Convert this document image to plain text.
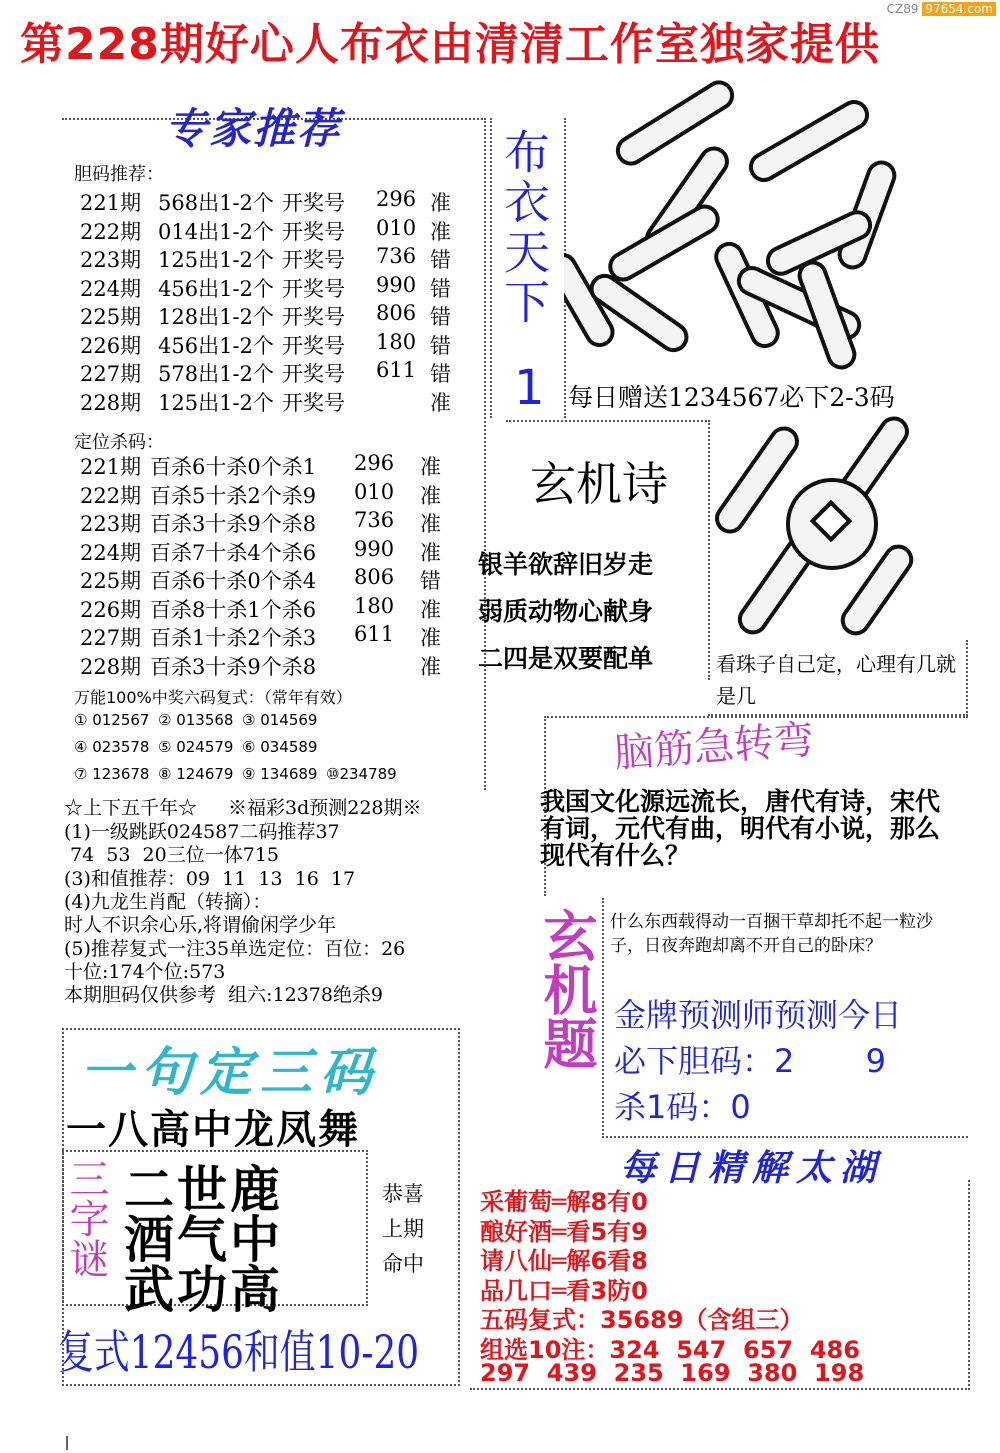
第228期好心人布衣由清清工作室独家提供
CZ89 97654.com
专家推荐
胆码推荐：
221期 568出1-2个 开奖号 296 准
222期 014出1-2个 开奖号 010 准
223期 125出1-2个 开奖号 736 错
224期 456出1-2个 开奖号 990 错
225期 128出1-2个 开奖号 806 错
226期 456出1-2个 开奖号 180 错
227期 578出1-2个 开奖号 611 错
228期 125出1-2个 开奖号	准
定位杀码：
221期 百杀6十杀0个杀1 296 准
222期 百杀5十杀2个杀9 010 准
223期 百杀3十杀9个杀8 736 准
224期 百杀7十杀4个杀6 990 准
225期 百杀6十杀0个杀4 806 错
226期 百杀8十杀1个杀6 180 准
227期 百杀1十杀2个杀3 611 准
228期 百杀3十杀9个杀8	准
万能100%中奖六码复式：（常年有效）
① 012567 ② 013568 ③ 014569
④ 023578 ⑤ 024579 ⑥ 034589
⑦ 123678 ⑧ 124679 ⑨ 134689 ⑩234789
☆上下五千年☆ ※福彩3d预测228期※
(1)一级跳跃024587二码推荐37
74  53  20三位一体715
(3)和值推荐：09  11  13  16  17
(4)九龙生肖配（转摘）：
时人不识余心乐,将谓偷闲学少年
(5)推荐复式一注35单选定位：百位：26
十位:174个位:573
本期胆码仅供参考  组六:12378绝杀9
一句定三码
一八高中龙凤舞
三字谜 二世鹿
酒气中
武功高
恭喜
上期
命中
复式12456和值10-20
布衣天下
1 每日赠送1234567必下2-3码
玄机诗
银羊欲辞旧岁走
弱质动物心献身
二四是双要配单	看珠子自己定，心理有几就是几
脑筋急转弯
我国文化源远流长，唐代有诗，宋代有词，元代有曲，明代有小说，那么现代有什么？
玄机题 什么东西载得动一百捆干草却托不起一粒沙子，日夜奔跑却离不开自己的卧床？
金牌预测师预测今日
必下胆码：2       9
杀1码：0
每日精解太湖
采葡萄═解8有0
酿好酒═看5有9
请八仙═解6看8
品几口═看3防0
五码复式：35689（含组三）
组选10注：324  547  657  486
297  439  235  169  380  198
